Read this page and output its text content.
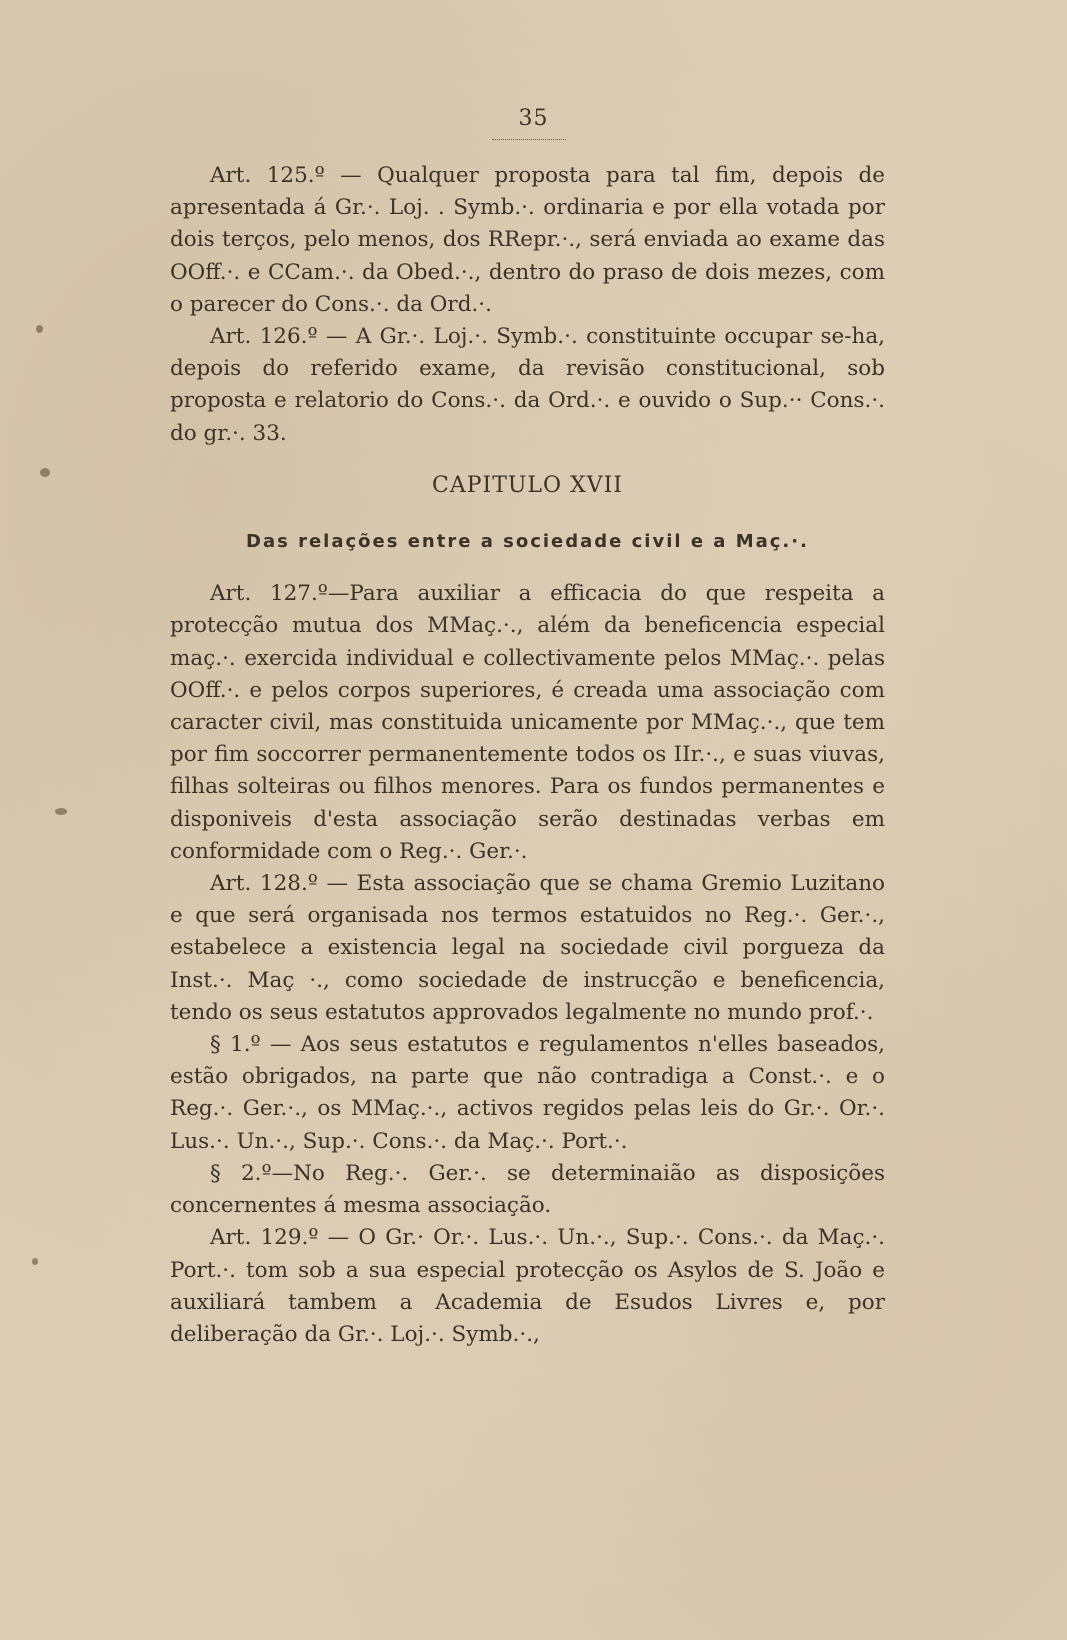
35

Art. 125.º — Qualquer proposta para tal fim, depois de apresentada á Gr.·. Loj. . Symb.·. ordinaria e por ella votada por dois terços, pelo menos, dos RRepr.·., será enviada ao exame das OOff.·. e CCam.·. da Obed.·., dentro do praso de dois mezes, com o parecer do Cons.·. da Ord.·.

Art. 126.º — A Gr.·. Loj.·. Symb.·. constituinte occupar se-ha, depois do referido exame, da revisão constitucional, sob proposta e relatorio do Cons.·. da Ord.·. e ouvido o Sup.·· Cons.·. do gr.·. 33.

CAPITULO XVII

Das relações entre a sociedade civil e a Maç.·.

Art. 127.º—Para auxiliar a efficacia do que respeita a protecção mutua dos MMaç.·., além da beneficencia especial maç.·. exercida individual e collectivamente pelos MMaç.·. pelas OOff.·. e pelos corpos superiores, é creada uma associação com caracter civil, mas constituida unicamente por MMaç.·., que tem por fim soccorrer permanentemente todos os IIr.·., e suas viuvas, filhas solteiras ou filhos menores. Para os fundos permanentes e disponiveis d'esta associação serão destinadas verbas em conformidade com o Reg.·. Ger.·.

Art. 128.º — Esta associação que se chama Gremio Luzitano e que será organisada nos termos estatuidos no Reg.·. Ger.·., estabelece a existencia legal na sociedade civil porgueza da Inst.·. Maç ·., como sociedade de instrucção e beneficencia, tendo os seus estatutos approvados legalmente no mundo prof.·.

§ 1.º — Aos seus estatutos e regulamentos n'elles baseados, estão obrigados, na parte que não contradiga a Const.·. e o Reg.·. Ger.·., os MMaç.·., activos regidos pelas leis do Gr.·. Or.·. Lus.·. Un.·., Sup.·. Cons.·. da Maç.·. Port.·.

§ 2.º—No Reg.·. Ger.·. se determinaião as disposições concernentes á mesma associação.

Art. 129.º — O Gr.· Or.·. Lus.·. Un.·., Sup.·. Cons.·. da Maç.·. Port.·. tom sob a sua especial protecção os Asylos de S. João e auxiliará tambem a Academia de Esudos Livres e, por deliberação da Gr.·. Loj.·. Symb.·.,
